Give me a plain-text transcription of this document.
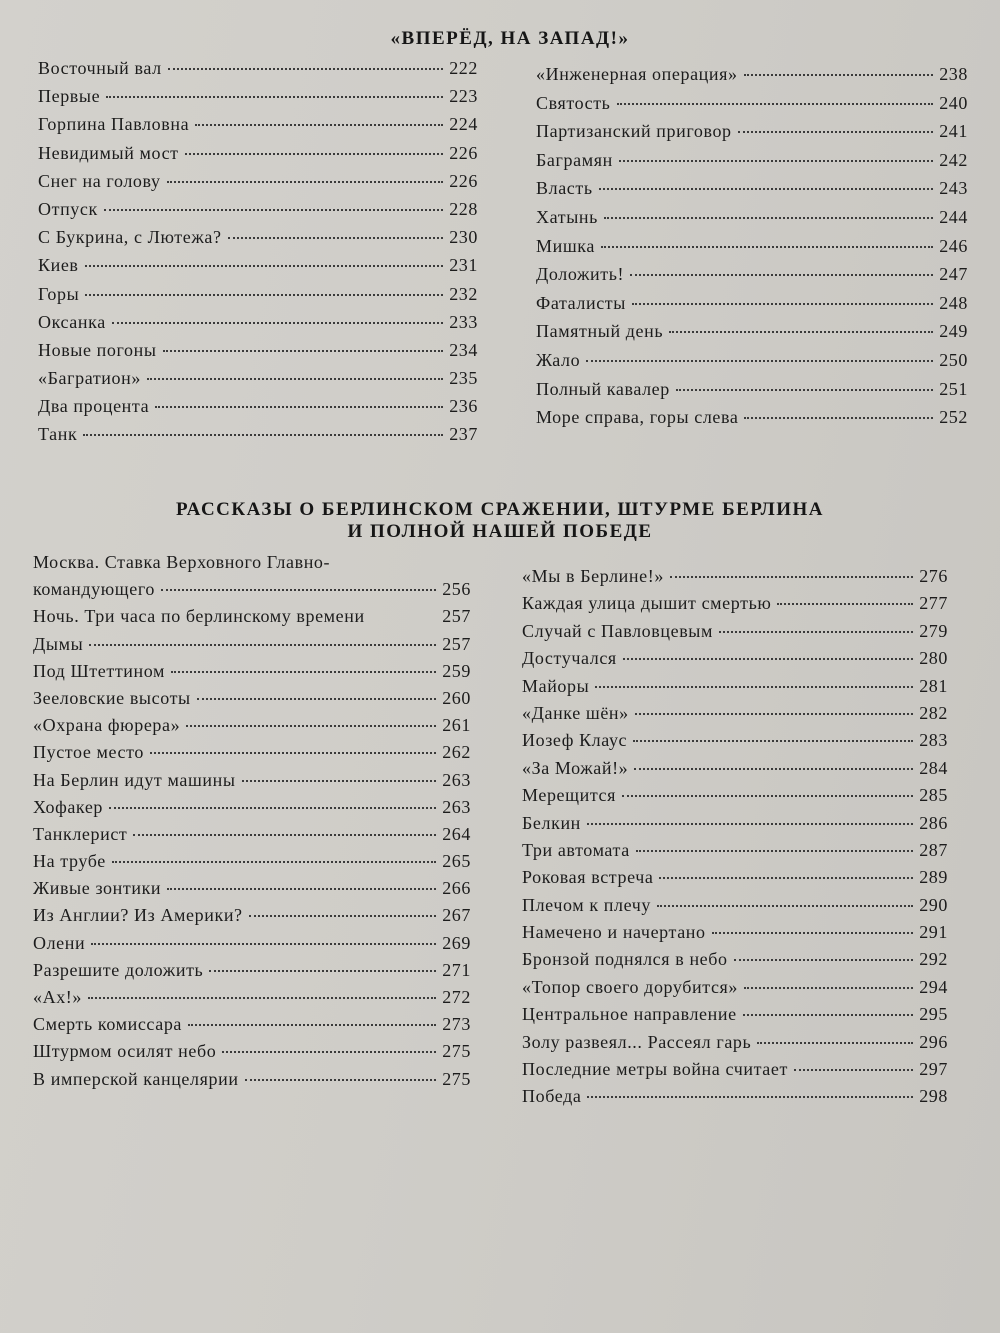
«ВПЕРЁД, НА ЗАПАД!»
Восточный вал	222
Первые	223
Горпина Павловна	224
Невидимый мост	226
Снег на голову	226
Отпуск	228
С Букрина, с Лютежа?	230
Киев	231
Горы	232
Оксанка	233
Новые погоны	234
«Багратион»	235
Два процента	236
Танк	237
«Инженерная операция»	238
Святость	240
Партизанский приговор	241
Баграмян	242
Власть	243
Хатынь	244
Мишка	246
Доложить!	247
Фаталисты	248
Памятный день	249
Жало	250
Полный кавалер	251
Море справа, горы слева	252
РАССКАЗЫ О БЕРЛИНСКОМ СРАЖЕНИИ, ШТУРМЕ БЕРЛИНА
И ПОЛНОЙ НАШЕЙ ПОБЕДЕ
Москва. Ставка Верховного Главно-
командующего	256
Ночь. Три часа по берлинскому времени	257
Дымы	257
Под Штеттином	259
Зееловские высоты	260
«Охрана фюрера»	261
Пустое место	262
На Берлин идут машины	263
Хофакер	263
Танклерист	264
На трубе	265
Живые зонтики	266
Из Англии? Из Америки?	267
Олени	269
Разрешите доложить	271
«Ах!»	272
Смерть комиссара	273
Штурмом осилят небо	275
В имперской канцелярии	275
«Мы в Берлине!»	276
Каждая улица дышит смертью	277
Случай с Павловцевым	279
Достучался	280
Майоры	281
«Данке шён»	282
Иозеф Клаус	283
«За Можай!»	284
Мерещится	285
Белкин	286
Три автомата	287
Роковая встреча	289
Плечом к плечу	290
Намечено и начертано	291
Бронзой поднялся в небо	292
«Топор своего дорубится»	294
Центральное направление	295
Золу развеял... Рассеял гарь	296
Последние метры война считает	297
Победа	298
